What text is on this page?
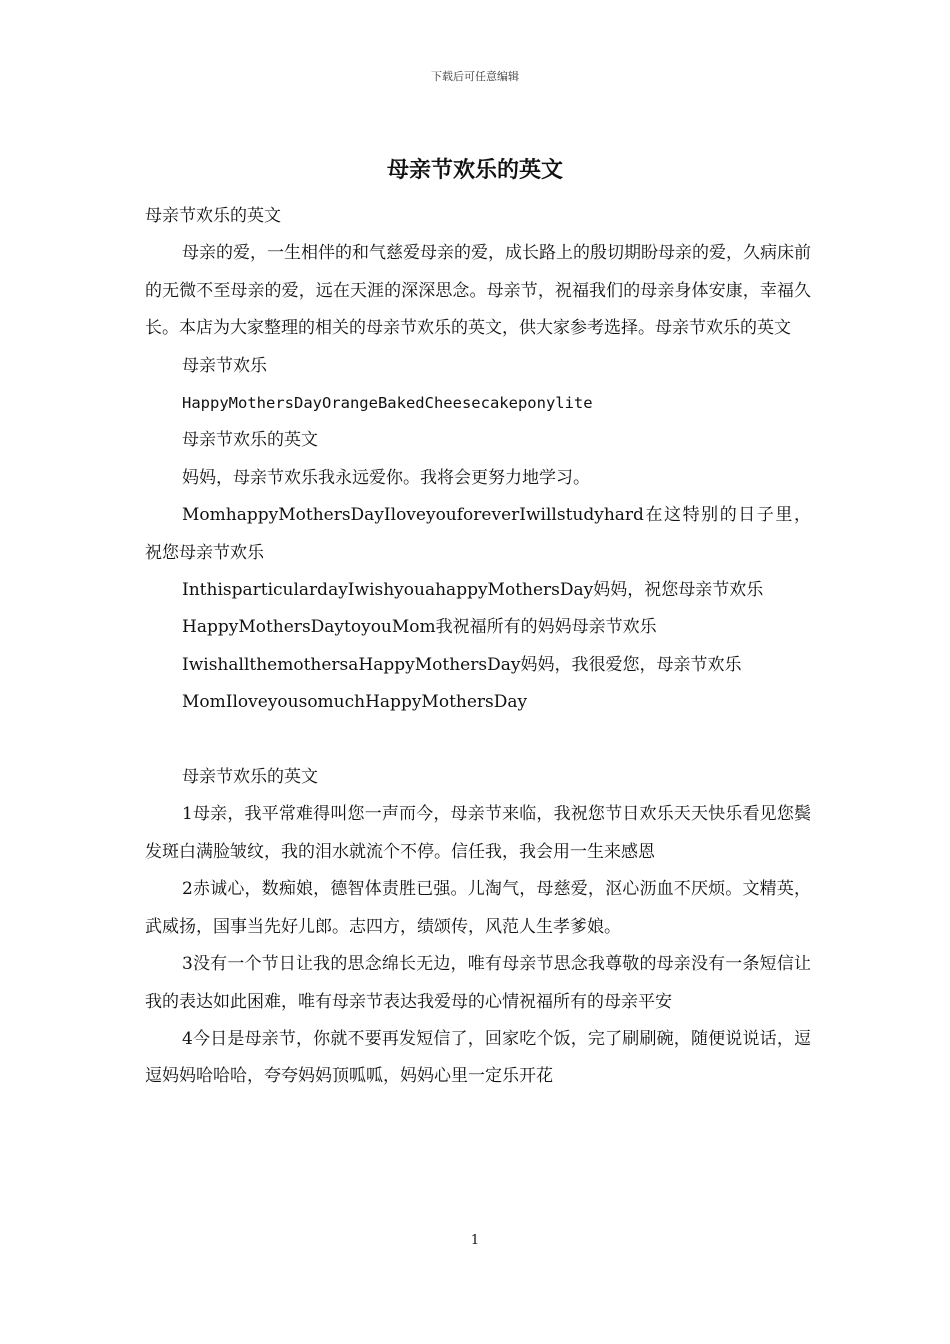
下载后可任意编辑
母亲节欢乐的英文

母亲节欢乐的英文

母亲的爱，一生相伴的和气慈爱母亲的爱，成长路上的殷切期盼母亲的爱，久病床前的无微不至母亲的爱，远在天涯的深深思念。母亲节，祝福我们的母亲身体安康，幸福久长。本店为大家整理的相关的母亲节欢乐的英文，供大家参考选择。母亲节欢乐的英文

母亲节欢乐

HappyMothersDayOrangeBakedCheesecakeponylite

母亲节欢乐的英文

妈妈，母亲节欢乐我永远爱你。我将会更努力地学习。

MomhappyMothersDayIloveyouforeverIwillstudyhard在这特别的日子里，祝您母亲节欢乐

InthisparticulardayIwishyouahappyMothersDay妈妈，祝您母亲节欢乐

HappyMothersDaytoyouMom我祝福所有的妈妈母亲节欢乐

IwishallthemothersaHappyMothersDay妈妈，我很爱您，母亲节欢乐

MomIloveyousomuchHappyMothersDay

母亲节欢乐的英文

1母亲，我平常难得叫您一声而今，母亲节来临，我祝您节日欢乐天天快乐看见您鬓发斑白满脸皱纹，我的泪水就流个不停。信任我，我会用一生来感恩

2赤诚心，数痴娘，德智体责胜已强。儿淘气，母慈爱，沤心沥血不厌烦。文精英，武威扬，国事当先好儿郎。志四方，绩颂传，风范人生孝爹娘。

3没有一个节日让我的思念绵长无边，唯有母亲节思念我尊敬的母亲没有一条短信让我的表达如此困难，唯有母亲节表达我爱母的心情祝福所有的母亲平安

4今日是母亲节，你就不要再发短信了，回家吃个饭，完了刷刷碗，随便说说话，逗逗妈妈哈哈哈，夸夸妈妈顶呱呱，妈妈心里一定乐开花

1
